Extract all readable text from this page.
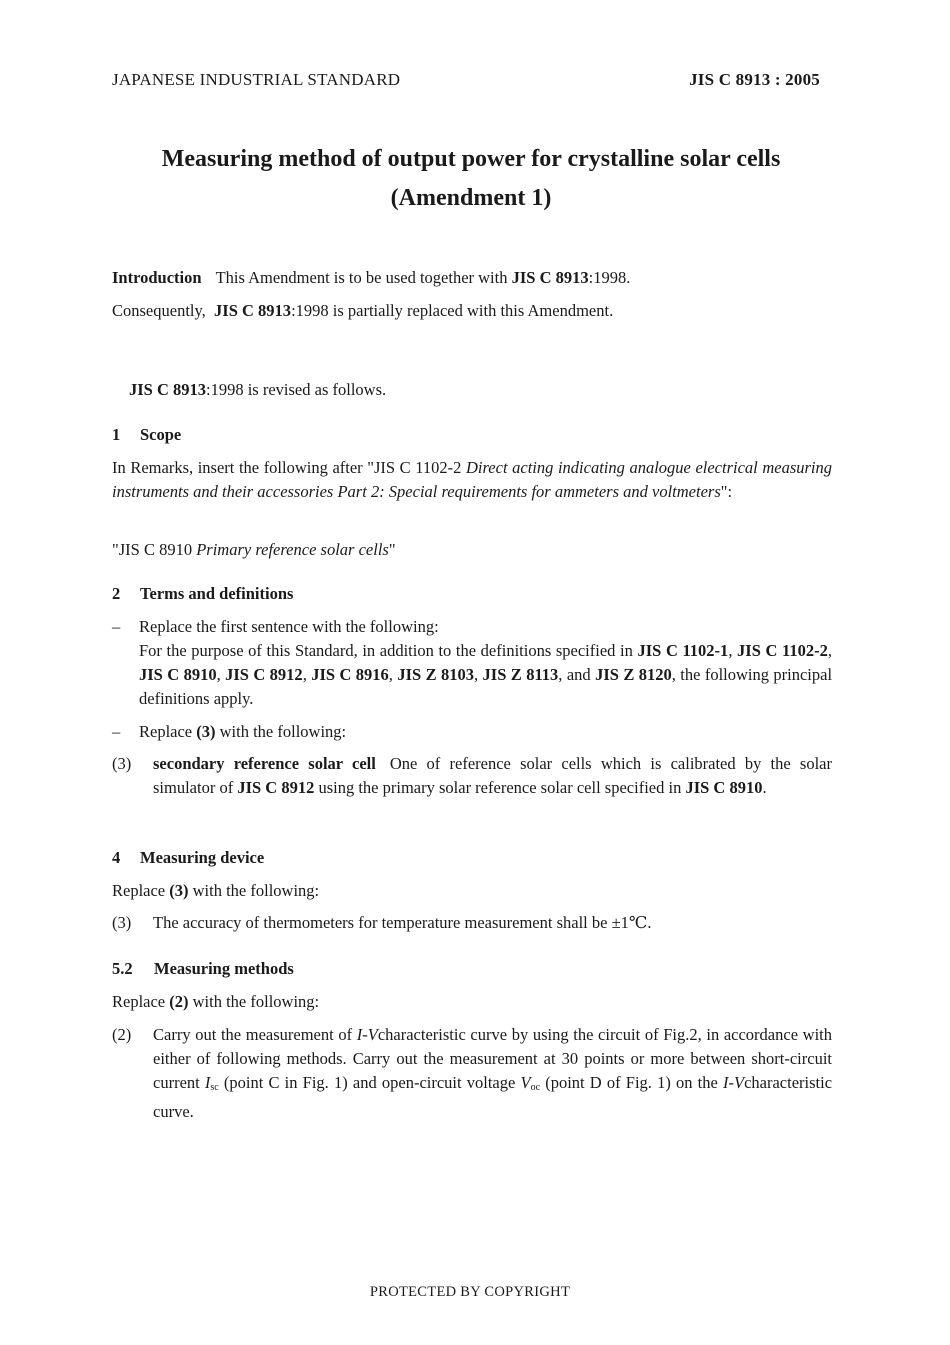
JAPANESE INDUSTRIAL STANDARD	JIS C 8913 : 2005
Measuring method of output power for crystalline solar cells
(Amendment 1)
Introduction This Amendment is to be used together with JIS C 8913:1998.
Consequently, JIS C 8913:1998 is partially replaced with this Amendment.
JIS C 8913:1998 is revised as follows.
1 Scope
In Remarks, insert the following after "JIS C 1102-2 Direct acting indicating analogue electrical measuring instruments and their accessories Part 2: Special requirements for ammeters and voltmeters":
"JIS C 8910 Primary reference solar cells"
2 Terms and definitions
–	Replace the first sentence with the following:
For the purpose of this Standard, in addition to the definitions specified in JIS C 1102-1, JIS C 1102-2, JIS C 8910, JIS C 8912, JIS C 8916, JIS Z 8103, JIS Z 8113, and JIS Z 8120, the following principal definitions apply.
–	Replace (3) with the following:
(3)	secondary reference solar cell One of reference solar cells which is calibrated by the solar simulator of JIS C 8912 using the primary solar reference solar cell specified in JIS C 8910.
4 Measuring device
Replace (3) with the following:
(3)	The accuracy of thermometers for temperature measurement shall be ±1℃.
5.2 Measuring methods
Replace (2) with the following:
(2)	Carry out the measurement of I-Vcharacteristic curve by using the circuit of Fig.2, in accordance with either of following methods. Carry out the measurement at 30 points or more between short-circuit current $I_{sc}$ (point C in Fig. 1) and open-circuit voltage $V_{oc}$ (point D of Fig. 1) on the I-Vcharacteristic curve.
PROTECTED BY COPYRIGHT
